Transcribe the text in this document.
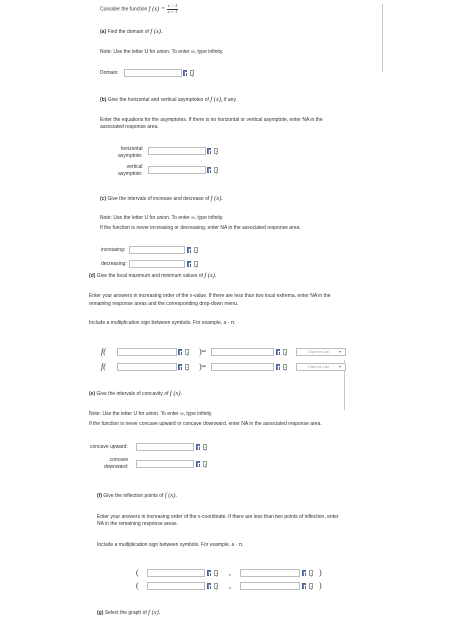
Consider the function f $(x) = \frac{x - 3}{x + 1}$
(a) Find the domain of f (x).
Note: Use the letter U for union. To enter ∞, type infinity.
Domain:
(b) Give the horizontal and vertical asymptotes of f (x), if any.
Enter the equations for the asymptotes. If there is no horizontal or vertical asymptote, enter NA in the
associated response area.
horizontal
asymptote:
vertical
asymptote:
(c) Give the intervals of increase and decrease of f (x).
Note: Use the letter U for union. To enter ∞, type infinity.
If the function is never increasing or decreasing, enter NA in the associated response area.
increasing:
decreasing:
(d) Give the local maximum and minimum values of f (x).
Enter your answers in increasing order of the x-value. If there are less than two local extrema, enter NA in the
remaining response areas and the corresponding drop-down menu.
Include a multiplication sign between symbols. For example, a · π.
f(	)=	Click for List	▾
f(	)=	Click for List	▾
(e) Give the intervals of concavity of f (x).
Note: Use the letter U for union. To enter ∞, type infinity.
If the function is never concave upward or concave downward, enter NA in the associated response area.
concave upward:
concave
downward:
(f) Give the inflection points of f (x).
Enter your answers in increasing order of the x-coordinate. If there are less than two points of inflection, enter
NA in the remaining response areas.
Include a multiplication sign between symbols. For example, a · π.
(	,	)
(	,	)
(g) Select the graph of f (x).
